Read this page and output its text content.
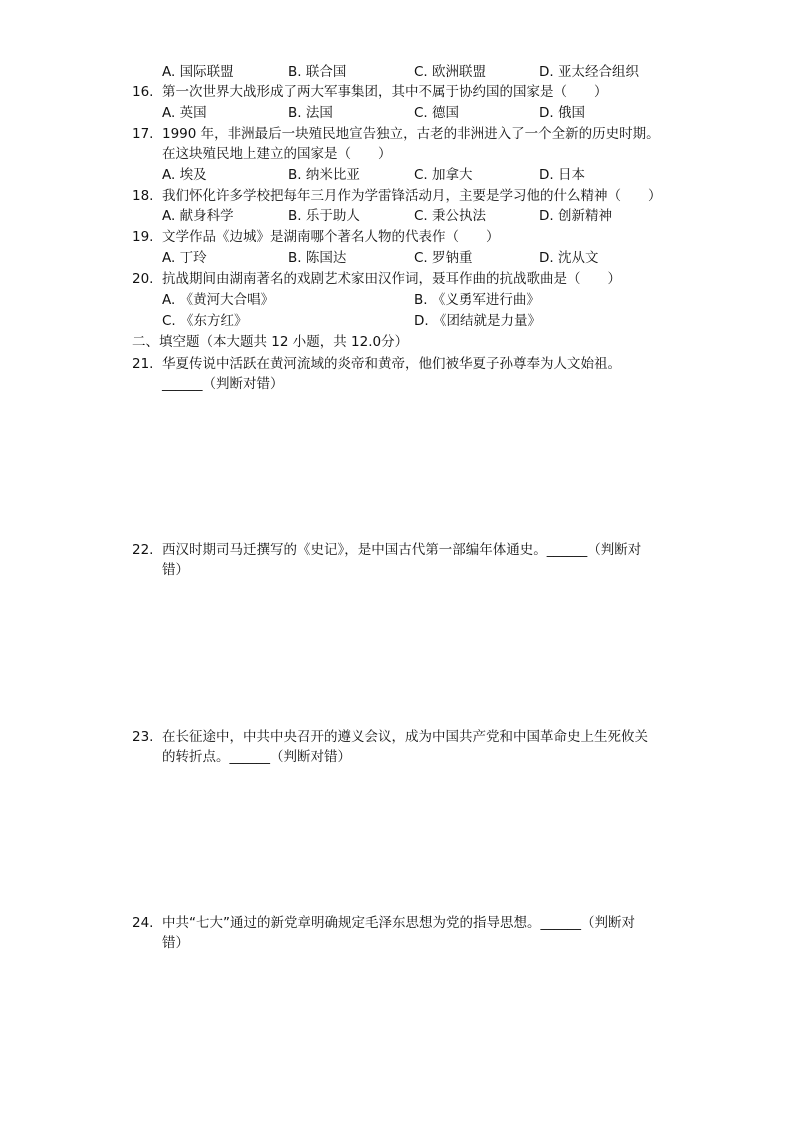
A. 国际联盟	B. 联合国	C. 欧洲联盟	D. 亚太经合组织
16. 第一次世界大战形成了两大军事集团，其中不属于协约国的国家是（　　）
A. 英国	B. 法国	C. 德国	D. 俄国
17. 1990 年，非洲最后一块殖民地宣告独立，古老的非洲进入了一个全新的历史时期。
在这块殖民地上建立的国家是（　　）
A. 埃及	B. 纳米比亚	C. 加拿大	D. 日本
18. 我们怀化许多学校把每年三月作为学雷锋活动月，主要是学习他的什么精神（　　）
A. 献身科学	B. 乐于助人	C. 秉公执法	D. 创新精神
19. 文学作品《边城》是湖南哪个著名人物的代表作（　　）
A. 丁玲	B. 陈国达	C. 罗钠重	D. 沈从文
20. 抗战期间由湖南著名的戏剧艺术家田汉作词，聂耳作曲的抗战歌曲是（　　）
A. 《黄河大合唱》	B. 《义勇军进行曲》
C. 《东方红》	D. 《团结就是力量》
二、填空题（本大题共 12 小题，共 12.0分）
21. 华夏传说中活跃在黄河流域的炎帝和黄帝，他们被华夏子孙尊奉为人文始祖。
______（判断对错）
22. 西汉时期司马迁撰写的《史记》，是中国古代第一部编年体通史。______（判断对
错）
23. 在长征途中，中共中央召开的遵义会议，成为中国共产党和中国革命史上生死攸关
的转折点。______（判断对错）
24. 中共“七大”通过的新党章明确规定毛泽东思想为党的指导思想。______（判断对
错）
